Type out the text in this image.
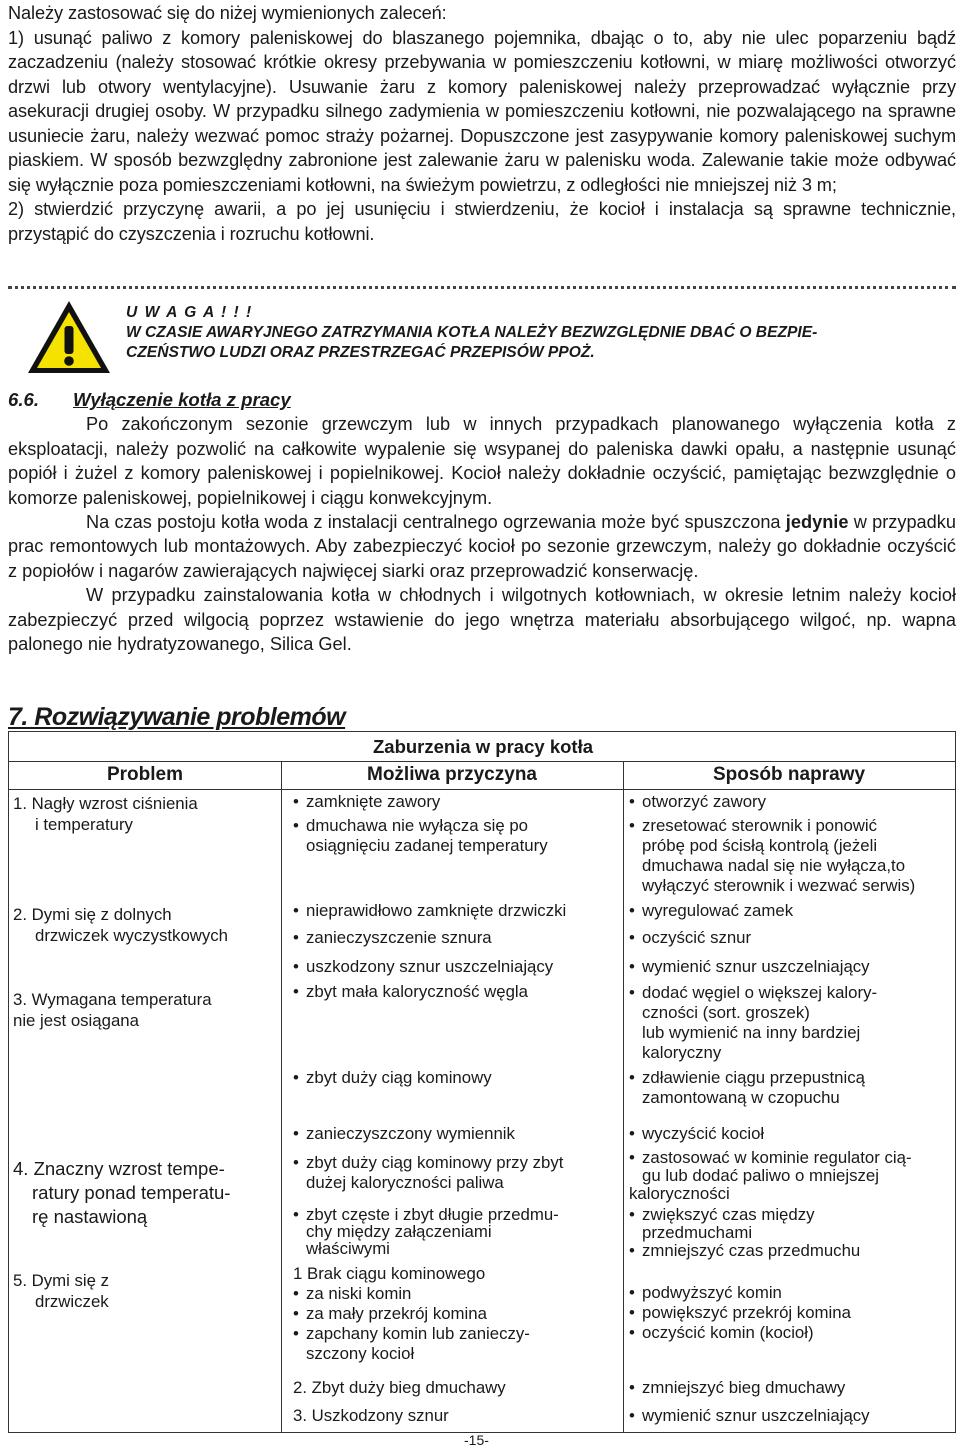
Należy zastosować się do niżej wymienionych zaleceń:

1) usunąć paliwo z komory paleniskowej do blaszanego pojemnika, dbając o to, aby nie ulec poparzeniu bądź zaczadzeniu (należy stosować krótkie okresy przebywania w pomieszczeniu kotłowni, w miarę możliwości otworzyć drzwi lub otwory wentylacyjne). Usuwanie żaru z komory paleniskowej należy przeprowadzać wyłącznie przy asekuracji drugiej osoby. W przypadku silnego zadymienia w pomieszczeniu kotłowni, nie pozwalającego na sprawne usuniecie żaru, należy wezwać pomoc straży pożarnej. Dopuszczone jest zasypywanie komory paleniskowej suchym piaskiem. W sposób bezwzględny zabronione jest zalewanie żaru w palenisku woda. Zalewanie takie może odbywać się wyłącznie poza pomieszczeniami kotłowni, na świeżym powietrzu, z odległości nie mniejszej niż 3 m;

2) stwierdzić przyczynę awarii, a po jej usunięciu i stwierdzeniu, że kocioł i instalacja są sprawne technicznie, przystąpić do czyszczenia i rozruchu kotłowni.

U W A G A ! ! !
W CZASIE AWARYJNEGO ZATRZYMANIA KOTŁA NALEŻY BEZWZGLĘDNIE DBAĆ O BEZPIE-
CZEŃSTWO LUDZI ORAZ PRZESTRZEGAĆ PRZEPISÓW PPOŻ.
6.6. Wyłączenie kotła z pracy

Po zakończonym sezonie grzewczym lub w innych przypadkach planowanego wyłączenia kotła z eksploatacji, należy pozwolić na całkowite wypalenie się wsypanej do paleniska dawki opału, a następnie usunąć popiół i żużel z komory paleniskowej i popielnikowej. Kocioł należy dokładnie oczyścić, pamiętając bezwzględnie o komorze paleniskowej, popielnikowej i ciągu konwekcyjnym.

Na czas postoju kotła woda z instalacji centralnego ogrzewania może być spuszczona jedynie w przypadku prac remontowych lub montażowych. Aby zabezpieczyć kocioł po sezonie grzewczym, należy go dokładnie oczyścić z popiołów i nagarów zawierających najwięcej siarki oraz przeprowadzić konserwację.

W przypadku zainstalowania kotła w chłodnych i wilgotnych kotłowniach, w okresie letnim należy kocioł zabezpieczyć przed wilgocią poprzez wstawienie do jego wnętrza materiału absorbującego wilgoć, np. wapna palonego nie hydratyzowanego, Silica Gel.

7. Rozwiązywanie problemów
Zaburzenia w pracy kotła
Problem	Możliwa przyczyna	Sposób naprawy
1. Nagły wzrost ciśnienia
i temperatury
2. Dymi się z dolnych
drzwiczek wyczystkowych
3. Wymagana temperatura
nie jest osiągana
4. Znaczny wzrost tempe-
ratury ponad temperatu-
rę nastawioną
5. Dymi się z
drzwiczek
• zamknięte zawory
• dmuchawa nie wyłącza się po
osiągnięciu zadanej temperatury
• nieprawidłowo zamknięte drzwiczki
• zanieczyszczenie sznura
• uszkodzony sznur uszczelniający
• zbyt mała kaloryczność węgla
• zbyt duży ciąg kominowy
• zanieczyszczony wymiennik
• zbyt duży ciąg kominowy przy zbyt
dużej kaloryczności paliwa
• zbyt częste i zbyt długie przedmu-
chy między załączeniami
właściwymi
1 Brak ciągu kominowego
• za niski komin
• za mały przekrój komina
• zapchany komin lub zanieczy-
szczony kocioł
2. Zbyt duży bieg dmuchawy
3. Uszkodzony sznur
• otworzyć zawory
• zresetować sterownik i ponowić
próbę pod ścisłą kontrolą (jeżeli
dmuchawa nadal się nie wyłącza,to
wyłączyć sterownik i wezwać serwis)
• wyregulować zamek
• oczyścić sznur
• wymienić sznur uszczelniający
• dodać węgiel o większej kalory-
czności (sort. groszek)
lub wymienić na inny bardziej
kaloryczny
• zdławienie ciągu przepustnicą
zamontowaną w czopuchu
• wyczyścić kocioł
• zastosować w kominie regulator cią-
gu lub dodać paliwo o mniejszej
kaloryczności
• zwiększyć czas między
przedmuchami
• zmniejszyć czas przedmuchu
• podwyższyć komin
• powiększyć przekrój komina
• oczyścić komin (kocioł)
• zmniejszyć bieg dmuchawy
• wymienić sznur uszczelniający
-15-
